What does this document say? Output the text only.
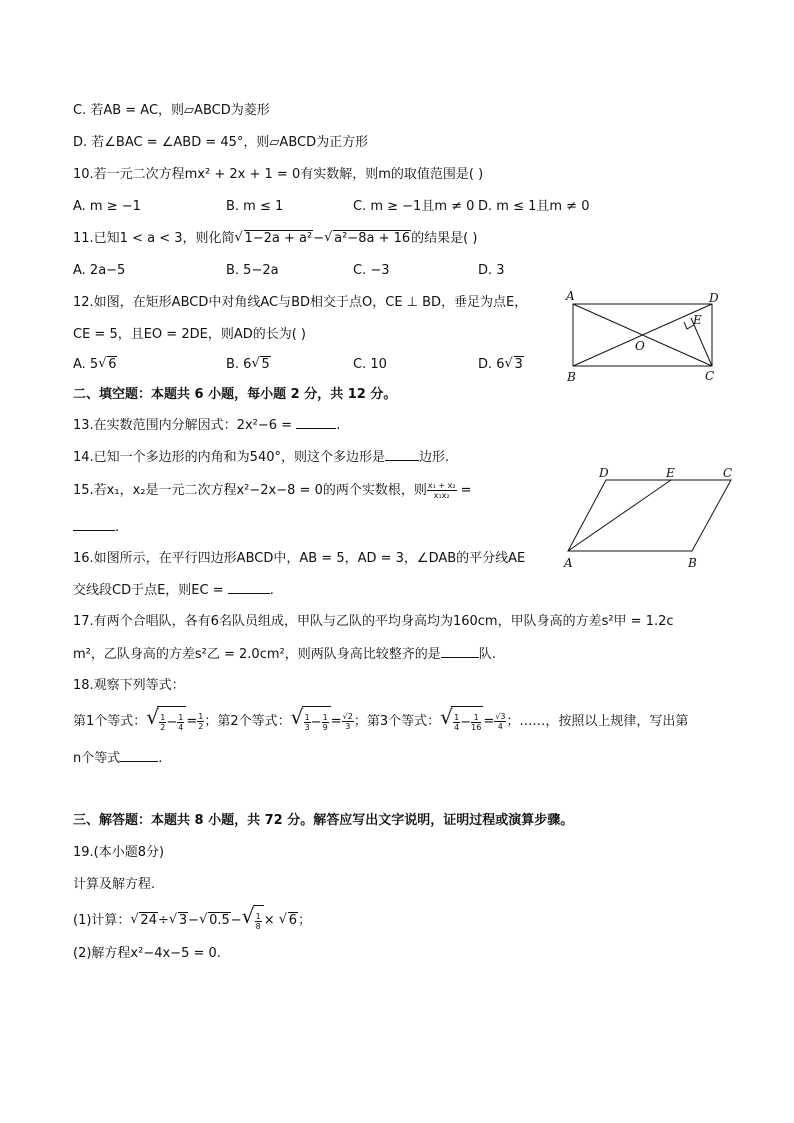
C. 若AB = AC，则▱ABCD为菱形
D. 若∠BAC = ∠ABD = 45°，则▱ABCD为正方形
10.若一元二次方程mx² + 2x + 1 = 0有实数解，则m的取值范围是( )
A. m ≥ −1	B. m ≤ 1	C. m ≥ −1且m ≠ 0 D. m ≤ 1且m ≠ 0
11.已知1 < a < 3，则化简 √ 1−2a + a²− √ a²−8a + 16的结果是( )
A. 2a−5	B. 5−2a	C. −3	D. 3
12.如图，在矩形ABCD中对角线AC与BD相交于点O，CE ⊥ BD，垂足为点E，
CE = 5，且EO = 2DE，则AD的长为( )
A. 5 √ 6	B. 6 √ 5	C. 10	D. 6 √ 3
A	D
B	C
E
O
二、填空题：本题共 6 小题，每小题 2 分，共 12 分。
13.在实数范围内分解因式：2x²−6 =	.
14.已知一个多边形的内角和为540°，则这个多边形是	边形.
15.若x₁，x₂是一元二次方程x²−2x−8 = 0的两个实数根，则 $\frac{\text{x₁ + x₂}}{\text{x₁x₂}}$ =
.
A	B
C
D	E
16.如图所示，在平行四边形ABCD中，AB = 5，AD = 3，∠DAB的平分线AE
交线段CD于点E，则EC =	.
17.有两个合唱队，各有6名队员组成，甲队与乙队的平均身高均为160cm，甲队身高的方差s²甲 = 1.2c
m²，乙队身高的方差s²乙 = 2.0cm²，则两队身高比较整齐的是	队.
18.观察下列等式：
第1个等式： √ $\frac{1}{2} - \frac{1}{4} = \frac{1}{2}$ ；第2个等式： √ $\frac{1}{3} - \frac{1}{9} = \frac{√2}{3}$ ；第3个等式： √ $\frac{1}{4} - \frac{1}{16} = \frac{√3}{4}$ ；……，按照以上规律，写出第
n个等式	.
三、解答题：本题共 8 小题，共 72 分。解答应写出文字说明，证明过程或演算步骤。
19.(本小题8分)
计算及解方程.
(1)计算： √ 24÷ √ 3− √ 0.5− √ $\frac{1}{8}$ × √ 6；
(2)解方程x²−4x−5 = 0.
